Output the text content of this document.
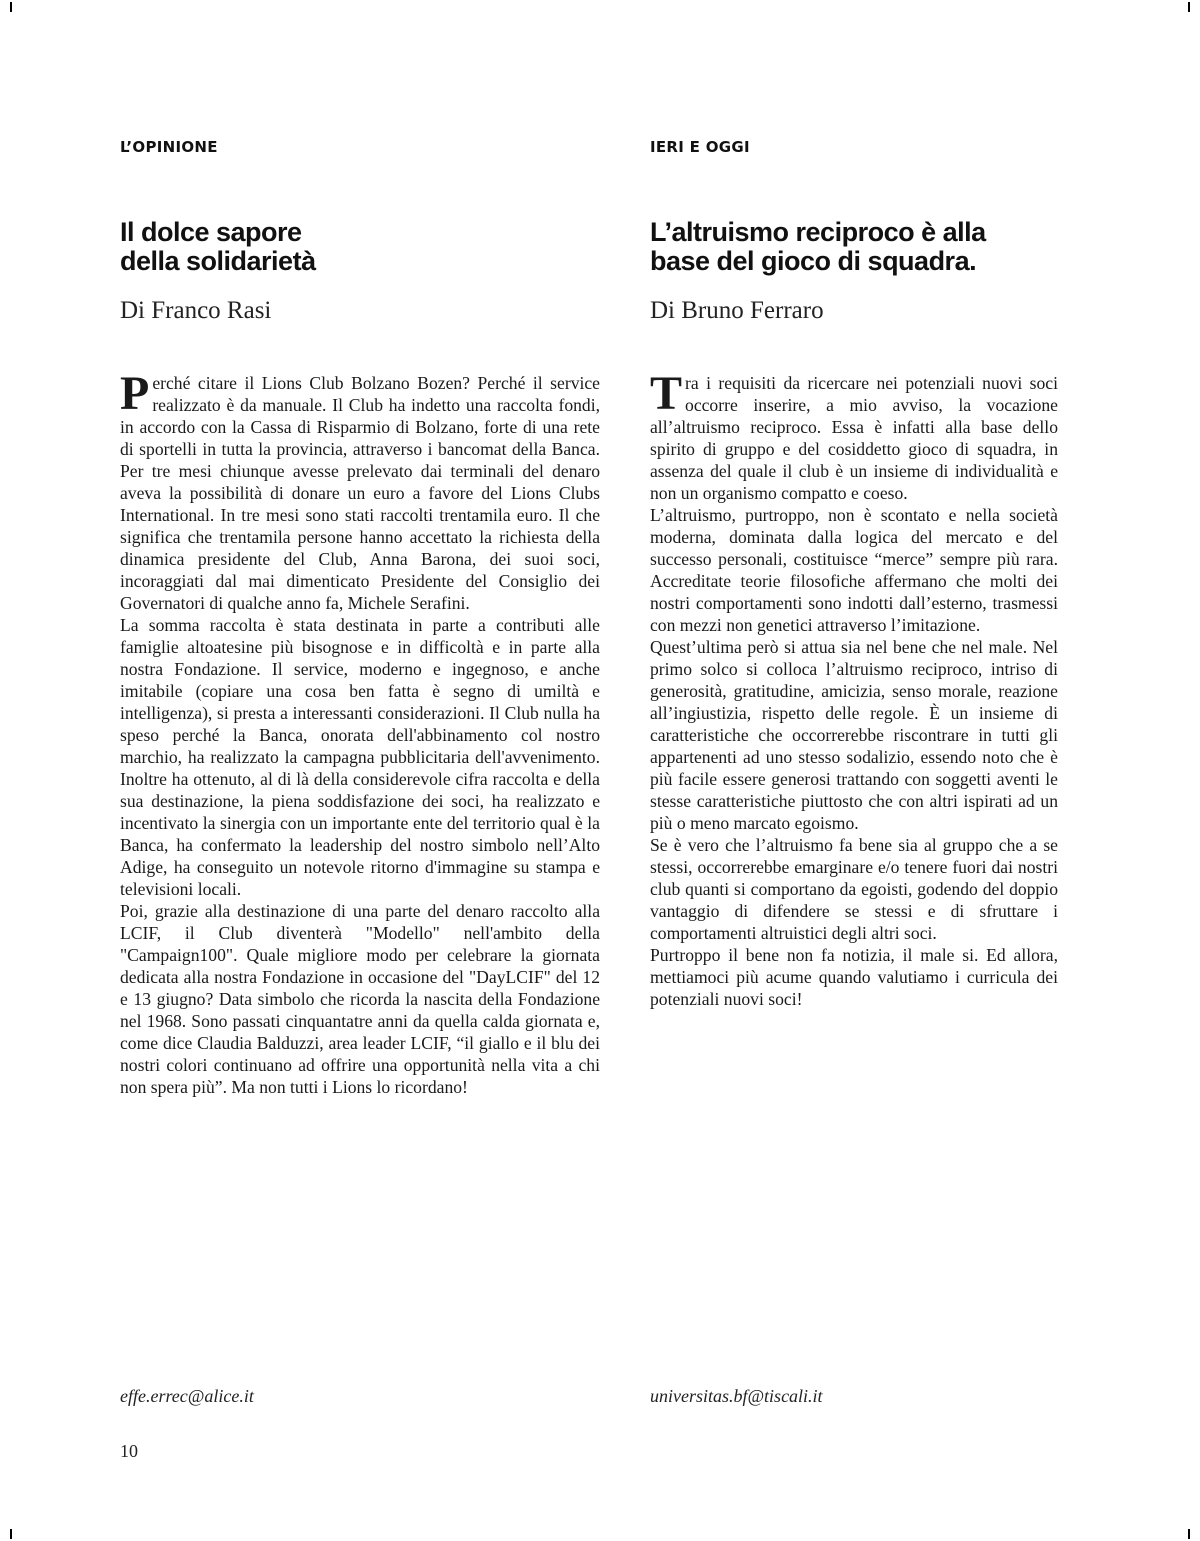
L’OPINIONE
Il dolce sapore
della solidarietà
Di Franco Rasi

Perché citare il Lions Club Bolzano Bozen? Perché il service realizzato è da manuale. Il Club ha indetto una raccolta fondi, in accordo con la Cassa di Risparmio di Bolzano, forte di una rete di sportelli in tutta la provincia, attraverso i bancomat della Banca. Per tre mesi chiunque avesse prelevato dai terminali del denaro aveva la possibilità di donare un euro a favore del Lions Clubs International. In tre mesi sono stati raccolti trentamila euro. Il che significa che trentamila persone hanno accettato la richiesta della dinamica presidente del Club, Anna Barona, dei suoi soci, incoraggiati dal mai dimenticato Presidente del Consiglio dei Governatori di qualche anno fa, Michele Serafini.

La somma raccolta è stata destinata in parte a contributi alle famiglie altoatesine più bisognose e in difficoltà e in parte alla nostra Fondazione. Il service, moderno e ingegnoso, e anche imitabile (copiare una cosa ben fatta è segno di umiltà e intelligenza), si presta a interessanti considerazioni. Il Club nulla ha speso perché la Banca, onorata dell'abbinamento col nostro marchio, ha realizzato la campagna pubblicitaria dell'avvenimento. Inoltre ha ottenuto, al di là della considerevole cifra raccolta e della sua destinazione, la piena soddisfazione dei soci, ha realizzato e incentivato la sinergia con un importante ente del territorio qual è la Banca, ha confermato la leadership del nostro simbolo nell’Alto Adige, ha conseguito un notevole ritorno d'immagine su stampa e televisioni locali.

Poi, grazie alla destinazione di una parte del denaro raccolto alla LCIF, il Club diventerà "Modello" nell'ambito della "Campaign100". Quale migliore modo per celebrare la giornata dedicata alla nostra Fondazione in occasione del "DayLCIF" del 12 e 13 giugno? Data simbolo che ricorda la nascita della Fondazione nel 1968. Sono passati cinquantatre anni da quella calda giornata e, come dice Claudia Balduzzi, area leader LCIF, “il giallo e il blu dei nostri colori continuano ad offrire una opportunità nella vita a chi non spera più”. Ma non tutti i Lions lo ricordano!

effe.errec@alice.it
IERI E OGGI
L’altruismo reciproco è alla
base del gioco di squadra.
Di Bruno Ferraro

Tra i requisiti da ricercare nei potenziali nuovi soci occorre inserire, a mio avviso, la vocazione all’altruismo reciproco. Essa è infatti alla base dello spirito di gruppo e del cosiddetto gioco di squadra, in assenza del quale il club è un insieme di individualità e non un organismo compatto e coeso.

L’altruismo, purtroppo, non è scontato e nella società moderna, dominata dalla logica del mercato e del successo personali, costituisce “merce” sempre più rara. Accreditate teorie filosofiche affermano che molti dei nostri comportamenti sono indotti dall’esterno, trasmessi con mezzi non genetici attraverso l’imitazione.

Quest’ultima però si attua sia nel bene che nel male. Nel primo solco si colloca l’altruismo reciproco, intriso di generosità, gratitudine, amicizia, senso morale, reazione all’ingiustizia, rispetto delle regole. È un insieme di caratteristiche che occorrerebbe riscontrare in tutti gli appartenenti ad uno stesso sodalizio, essendo noto che è più facile essere generosi trattando con soggetti aventi le stesse caratteristiche piuttosto che con altri ispirati ad un più o meno marcato egoismo.

Se è vero che l’altruismo fa bene sia al gruppo che a se stessi, occorrerebbe emarginare e/o tenere fuori dai nostri club quanti si comportano da egoisti, godendo del doppio vantaggio di difendere se stessi e di sfruttare i comportamenti altruistici degli altri soci.

Purtroppo il bene non fa notizia, il male si. Ed allora, mettiamoci più acume quando valutiamo i curricula dei potenziali nuovi soci!

universitas.bf@tiscali.it
10
